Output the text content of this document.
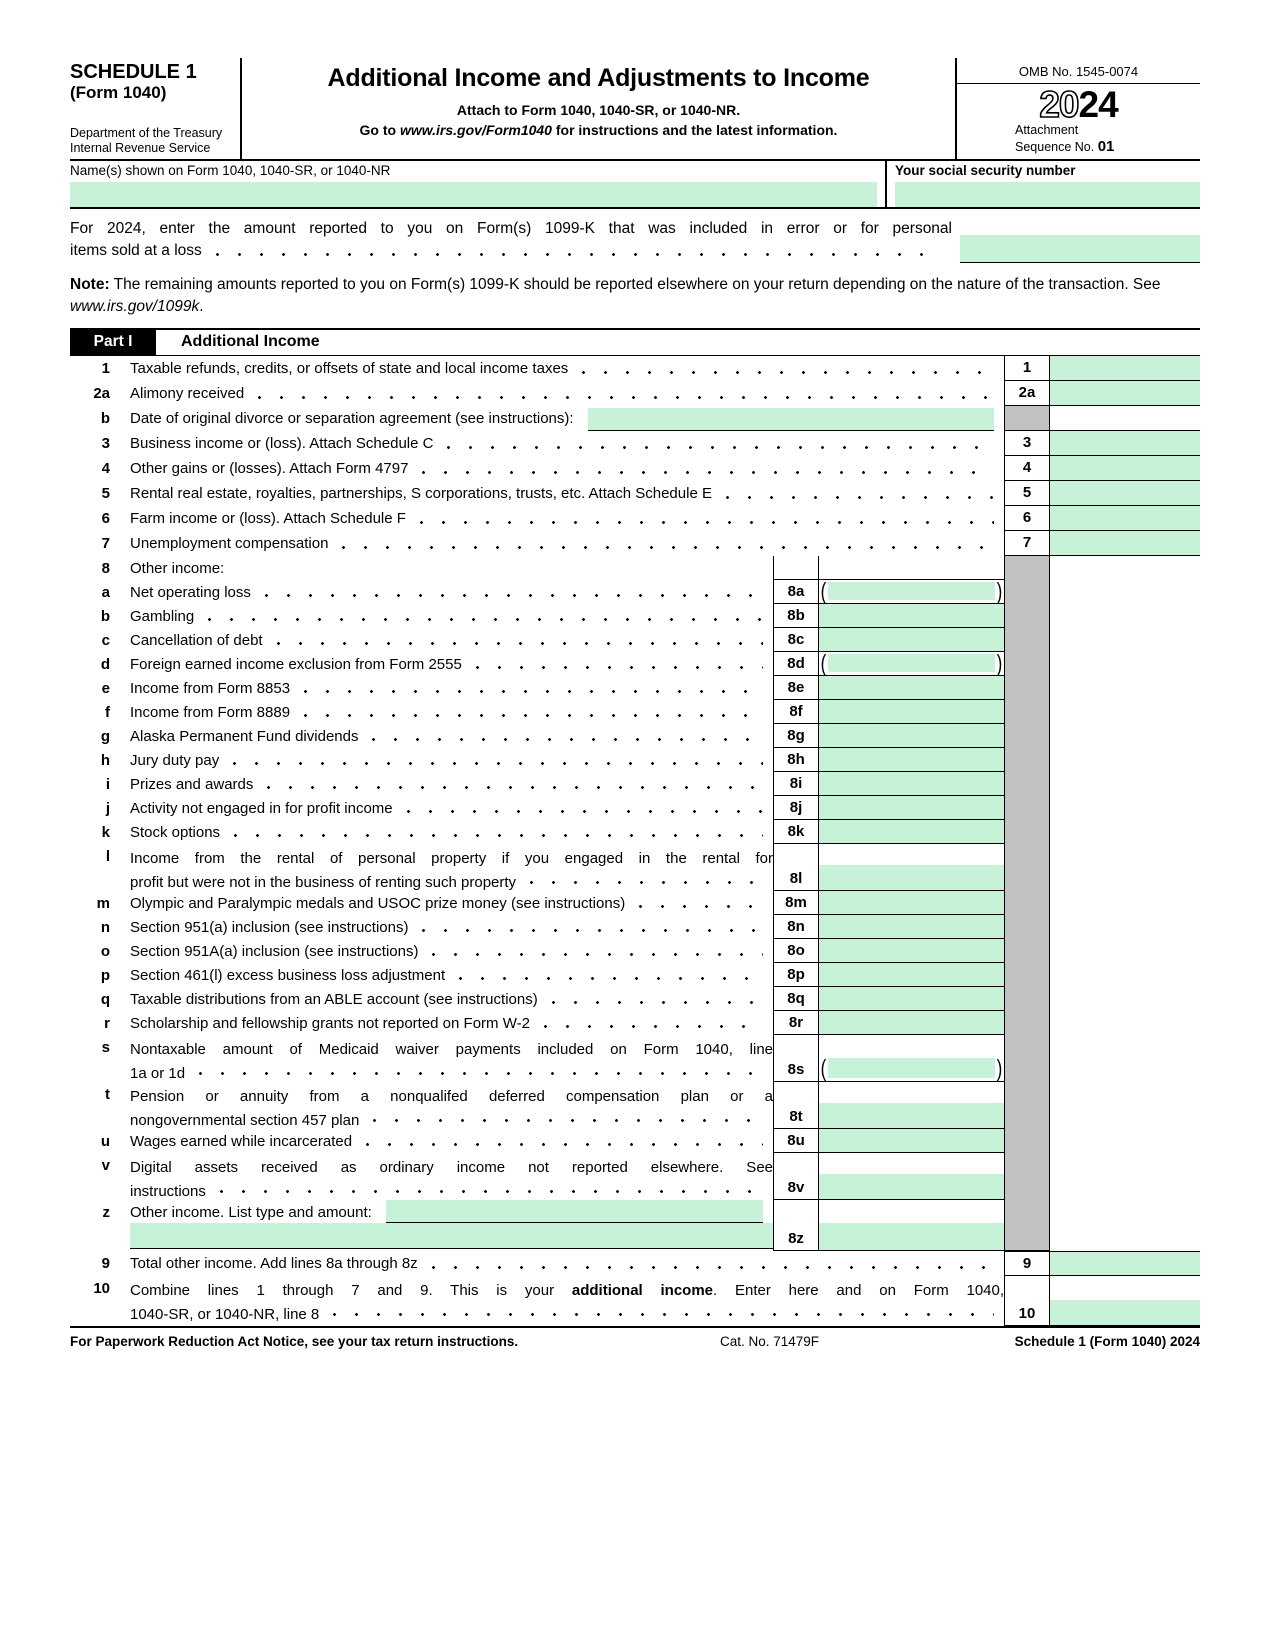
SCHEDULE 1
(Form 1040)
Department of the Treasury
Internal Revenue Service
Additional Income and Adjustments to Income
Attach to Form 1040, 1040-SR, or 1040-NR.
Go to www.irs.gov/Form1040 for instructions and the latest information.
OMB No. 1545-0074
2024
Attachment
Sequence No. 01
Name(s) shown on Form 1040, 1040-SR, or 1040-NR	Your social security number
For 2024, enter the amount reported to you on Form(s) 1099-K that was included in error or for personal
items sold at a loss
Note: The remaining amounts reported to you on Form(s) 1099-K should be reported elsewhere on your return depending on the nature of the transaction. See www.irs.gov/1099k.
Part I	Additional Income
1 Taxable refunds, credits, or offsets of state and local income taxes	1
2a Alimony received	2a
b Date of original divorce or separation agreement (see instructions):
3 Business income or (loss). Attach Schedule C	3
4 Other gains or (losses). Attach Form 4797	4
5 Rental real estate, royalties, partnerships, S corporations, trusts, etc. Attach Schedule E	5
6 Farm income or (loss). Attach Schedule F	6
7 Unemployment compensation	7
8 Other income:
a Net operating loss	8a (	)
b Gambling	8b
c Cancellation of debt	8c
d Foreign earned income exclusion from Form 2555	8d (	)
e Income from Form 8853	8e
f Income from Form 8889	8f
g Alaska Permanent Fund dividends	8g
h Jury duty pay	8h
i Prizes and awards	8i
j Activity not engaged in for profit income	8j
k Stock options	8k
l Income from the rental of personal property if you engaged in the rental for
profit but were not in the business of renting such property	8l
m Olympic and Paralympic medals and USOC prize money (see instructions)	8m
n Section 951(a) inclusion (see instructions)	8n
o Section 951A(a) inclusion (see instructions)	8o
p Section 461(l) excess business loss adjustment	8p
q Taxable distributions from an ABLE account (see instructions)	8q
r Scholarship and fellowship grants not reported on Form W-2	8r
s Nontaxable amount of Medicaid waiver payments included on Form 1040, line
1a or 1d	8s (	)
t Pension or annuity from a nonqualifed deferred compensation plan or a
nongovernmental section 457 plan	8t
u Wages earned while incarcerated	8u
v Digital assets received as ordinary income not reported elsewhere. See
instructions	8v
z Other income. List type and amount:
8z
9 Total other income. Add lines 8a through 8z	9
10 Combine lines 1 through 7 and 9. This is your additional income. Enter here and on Form 1040,
1040-SR, or 1040-NR, line 8	10
For Paperwork Reduction Act Notice, see your tax return instructions.	Cat. No. 71479F	Schedule 1 (Form 1040) 2024
